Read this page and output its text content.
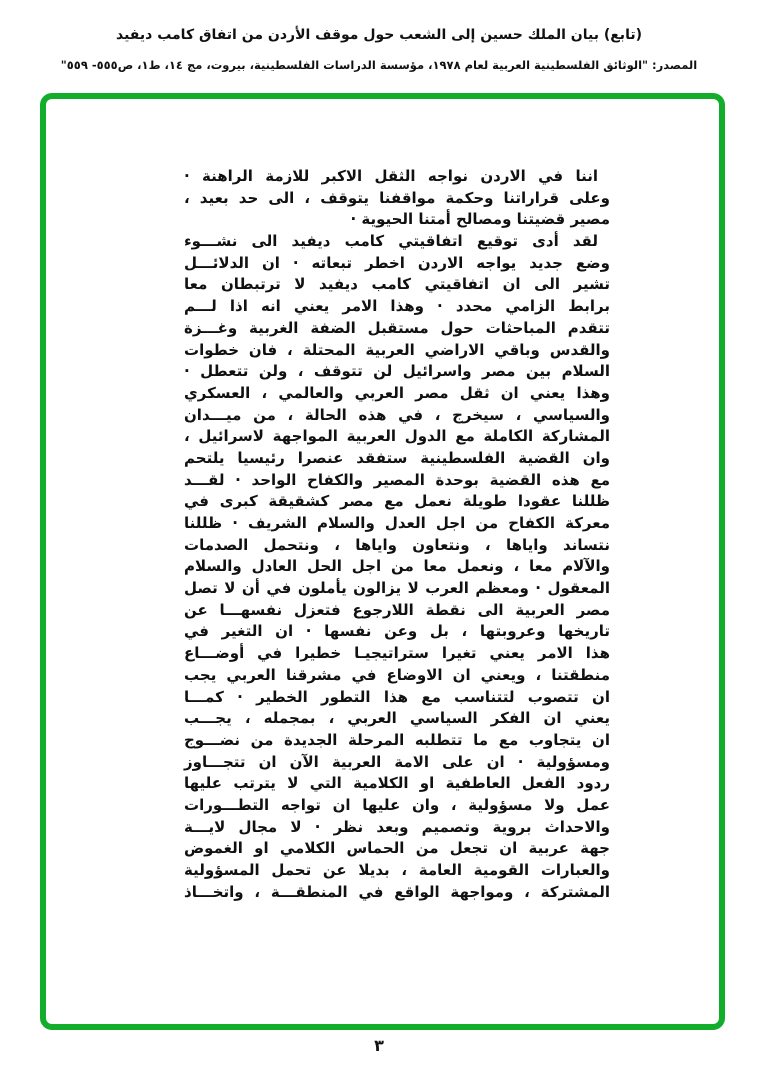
(تابع) بيان الملك حسين إلى الشعب حول موقف الأردن من اتفاق كامب ديفيد
المصدر: "الوثائق الفلسطينية العربية لعام ١٩٧٨، مؤسسة الدراسات الفلسطينية، بيروت، مج ١٤، ط١، ص٥٥٥- ٥٥٩"
اننا في الاردن نواجه الثقل الاكبر للازمة الراهنة ·
وعلى قراراتنا وحكمة مواقفنا يتوقف ، الى حد بعيد ،
مصير قضيتنا ومصالح أمتنا الحيوية ·
لقد أدى توقيع اتفاقيتي كامب ديفيد الى نشـــوء
وضع جديد يواجه الاردن اخطر تبعاته · ان الدلائـــل
تشير الى ان اتفاقيتي كامب ديفيد لا ترتبطان معا
برابط الزامي محدد · وهذا الامر يعني انه اذا لـــم
تتقدم المباحثات حول مستقبل الضفة الغربية وغـــزة
والقدس وباقي الاراضي العربية المحتلة ، فان خطوات
السلام بين مصر واسرائيل لن تتوقف ، ولن تتعطل ·
وهذا يعني ان ثقل مصر العربي والعالمي ، العسكري
والسياسي ، سيخرج ، في هذه الحالة ، من ميـــدان
المشاركة الكاملة مع الدول العربية المواجهة لاسرائيل ،
وان القضية الفلسطينية ستفقد عنصرا رئيسيا يلتحم
مع هذه القضية بوحدة المصير والكفاح الواحد · لقـــد
ظللنا عقودا طويلة نعمل مع مصر كشقيقة كبرى في
معركة الكفاح من اجل العدل والسلام الشريف · ظللنا
نتساند واياها ، ونتعاون واياها ، ونتحمل الصدمات
والآلام معا ، ونعمل معا من اجل الحل العادل والسلام
المعقول · ومعظم العرب لا يزالون يأملون في أن لا تصل
مصر العربية الى نقطة اللارجوع فتعزل نفسهـــا عن
تاريخها وعروبتها ، بل وعن نفسها · ان التغير في
هذا الامر يعني تغيرا ستراتيجيـا خطيرا في أوضـــاع
منطقتنا ، ويعني ان الاوضاع في مشرقنا العربي يجب
ان تتصوب لتتناسب مع هذا التطور الخطير · كمـــا
يعني ان الفكر السياسي العربي ، بمجمله ، يجـــب
ان يتجاوب مع ما تتطلبه المرحلة الجديدة من نضـــوج
ومسؤولية · ان على الامة العربية الآن ان تتجـــاوز
ردود الفعل العاطفية او الكلامية التي لا يترتب عليها
عمل ولا مسؤولية ، وان عليها ان تواجه التطـــورات
والاحداث بروية وتصميم وبعد نظر · لا مجال لايـــة
جهة عربية ان تجعل من الحماس الكلامي او الغموض
والعبارات القومية العامة ، بديلا عن تحمل المسؤولية
المشتركة ، ومواجهة الواقع في المنطقـــة ، واتخـــاذ
٣
